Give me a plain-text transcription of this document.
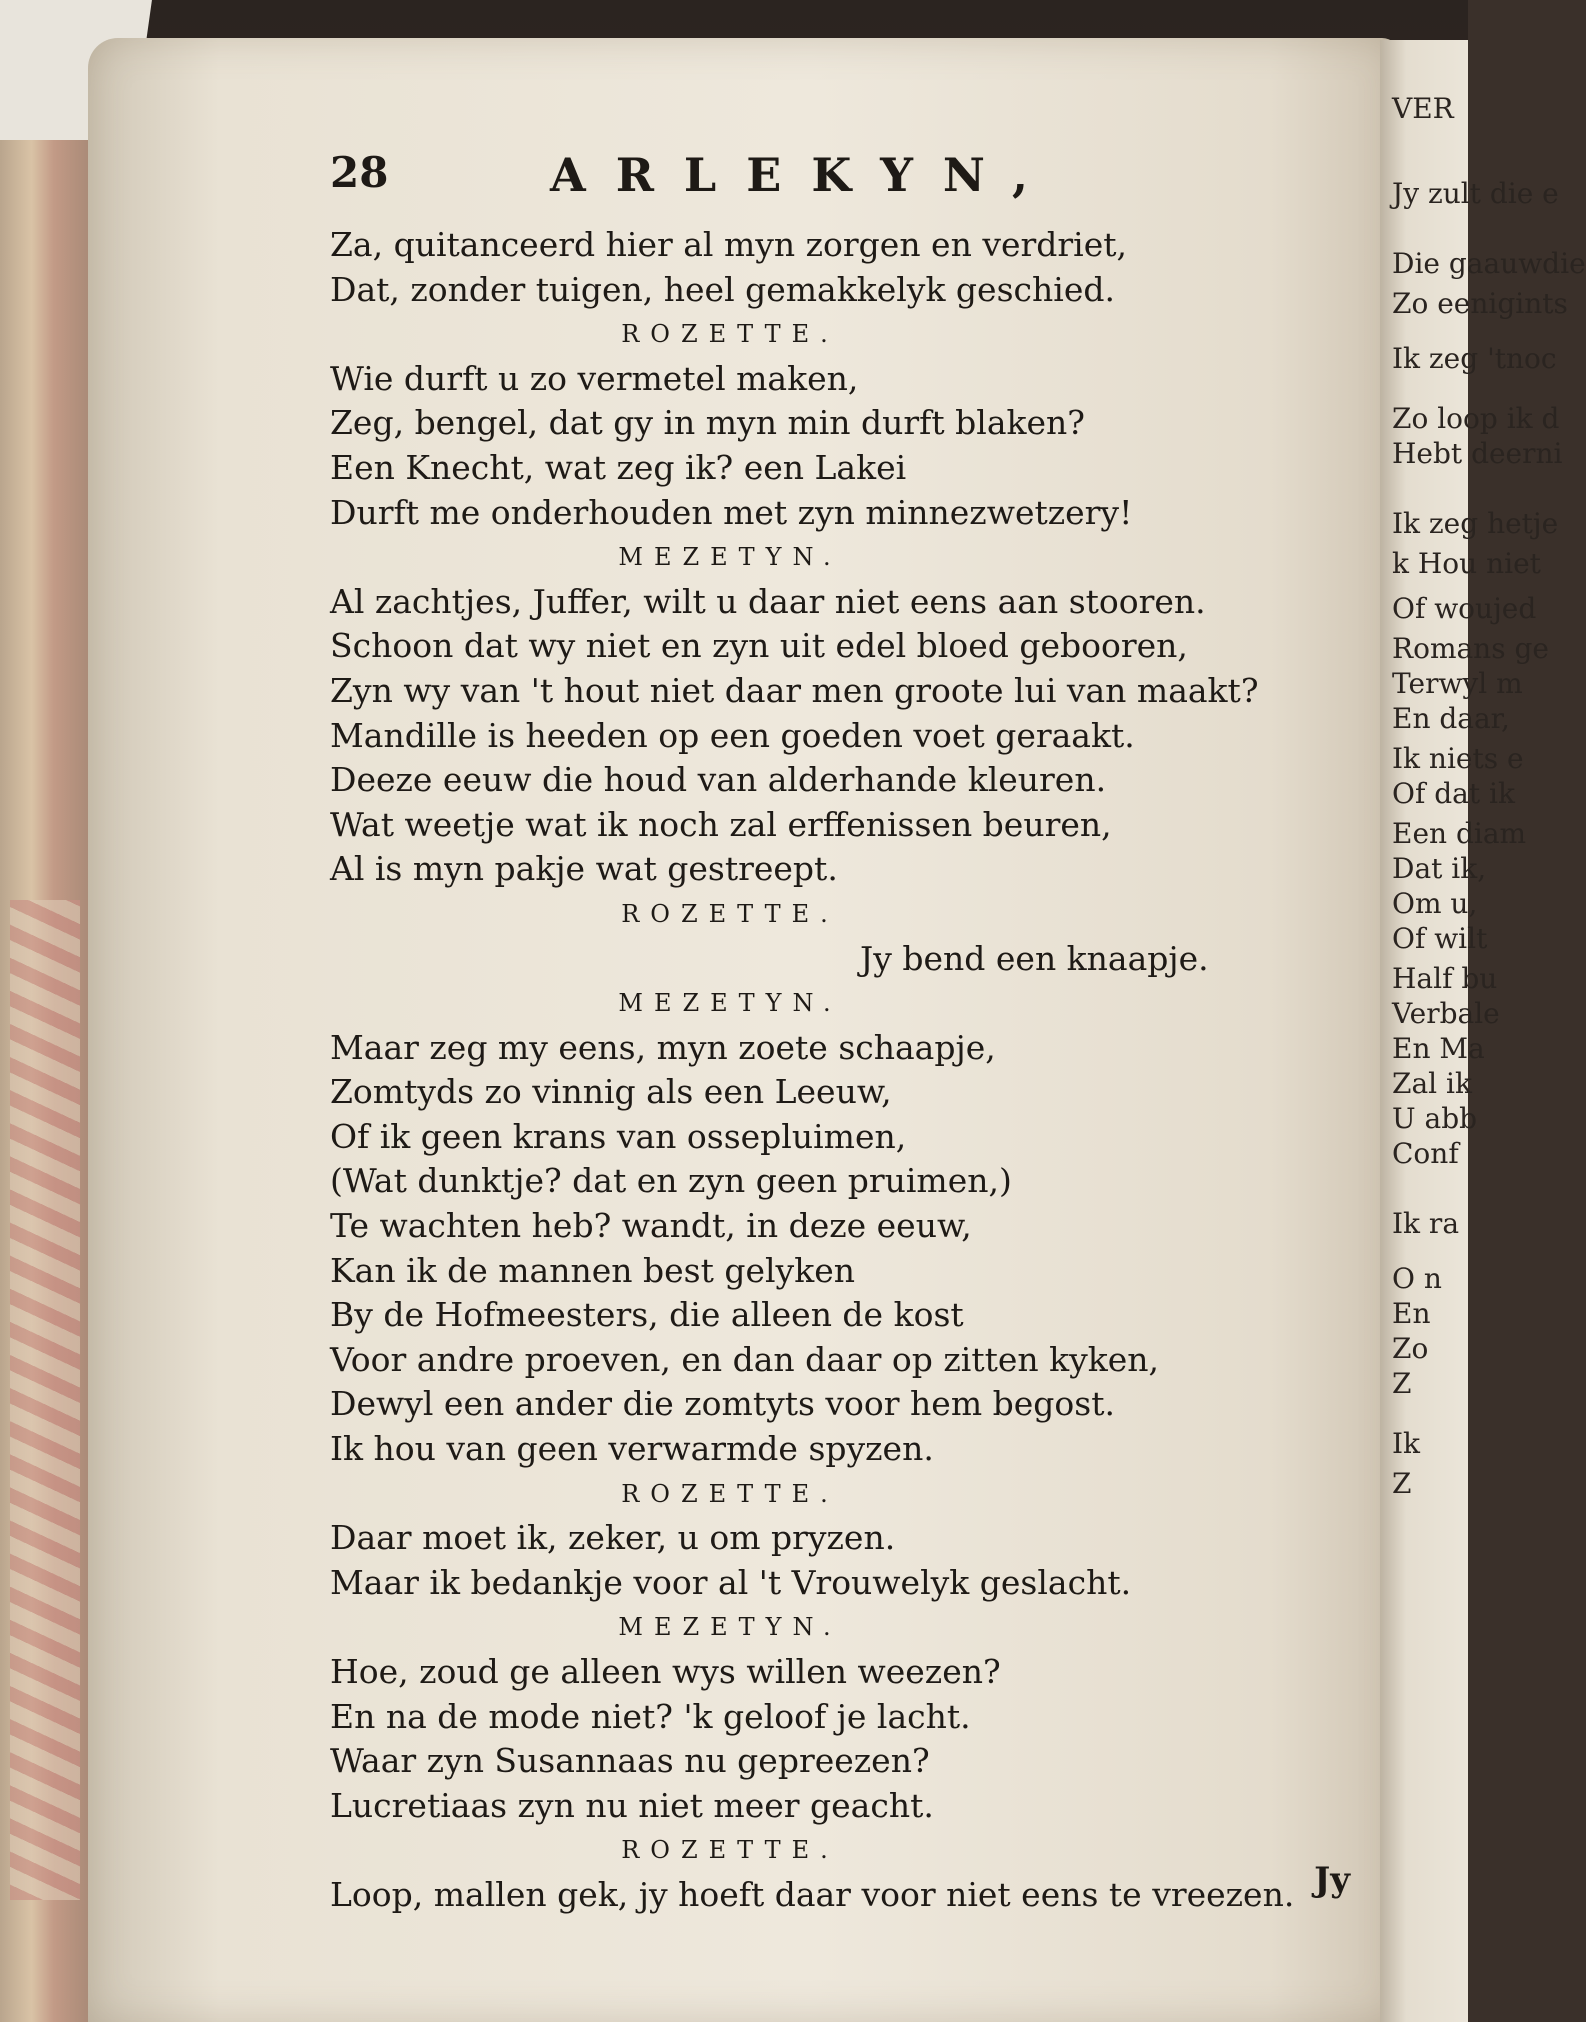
VER
Jy zult die e
Die gaauwdie
Zo eenigints
Ik zeg 'tnoc
Zo loop ik d
Hebt deerni
Ik zeg hetje
k Hou niet
Of woujed
Romans ge
Terwyl m
En daar,
Ik niets e
Of dat ik
Een diam
Dat ik,
Om u,
Of wilt
Half bu
Verbale
En Ma
Zal ik
U abb
Conf
Ik ra
O n
En
Zo
Z
Ik
Z
28	ARLEKYN,
Za, quitanceerd hier al myn zorgen en verdriet,
Dat, zonder tuigen, heel gemakkelyk geschied.
ROZETTE.
Wie durft u zo vermetel maken,
Zeg, bengel, dat gy in myn min durft blaken?
Een Knecht, wat zeg ik? een Lakei
Durft me onderhouden met zyn minnezwetzery!
MEZETYN.
Al zachtjes, Juffer, wilt u daar niet eens aan stooren.
Schoon dat wy niet en zyn uit edel bloed gebooren,
Zyn wy van 't hout niet daar men groote lui van maakt?
Mandille is heeden op een goeden voet geraakt.
Deeze eeuw die houd van alderhande kleuren.
Wat weetje wat ik noch zal erffenissen beuren,
Al is myn pakje wat gestreept.
ROZETTE.
Jy bend een knaapje.
MEZETYN.
Maar zeg my eens, myn zoete schaapje,
Zomtyds zo vinnig als een Leeuw,
Of ik geen krans van ossepluimen,
(Wat dunktje? dat en zyn geen pruimen,)
Te wachten heb? wandt, in deze eeuw,
Kan ik de mannen best gelyken
By de Hofmeesters, die alleen de kost
Voor andre proeven, en dan daar op zitten kyken,
Dewyl een ander die zomtyts voor hem begost.
Ik hou van geen verwarmde spyzen.
ROZETTE.
Daar moet ik, zeker, u om pryzen.
Maar ik bedankje voor al 't Vrouwelyk geslacht.
MEZETYN.
Hoe, zoud ge alleen wys willen weezen?
En na de mode niet? 'k geloof je lacht.
Waar zyn Susannaas nu gepreezen?
Lucretiaas zyn nu niet meer geacht.
ROZETTE.
Loop, mallen gek, jy hoeft daar voor niet eens te vreezen. Jy
